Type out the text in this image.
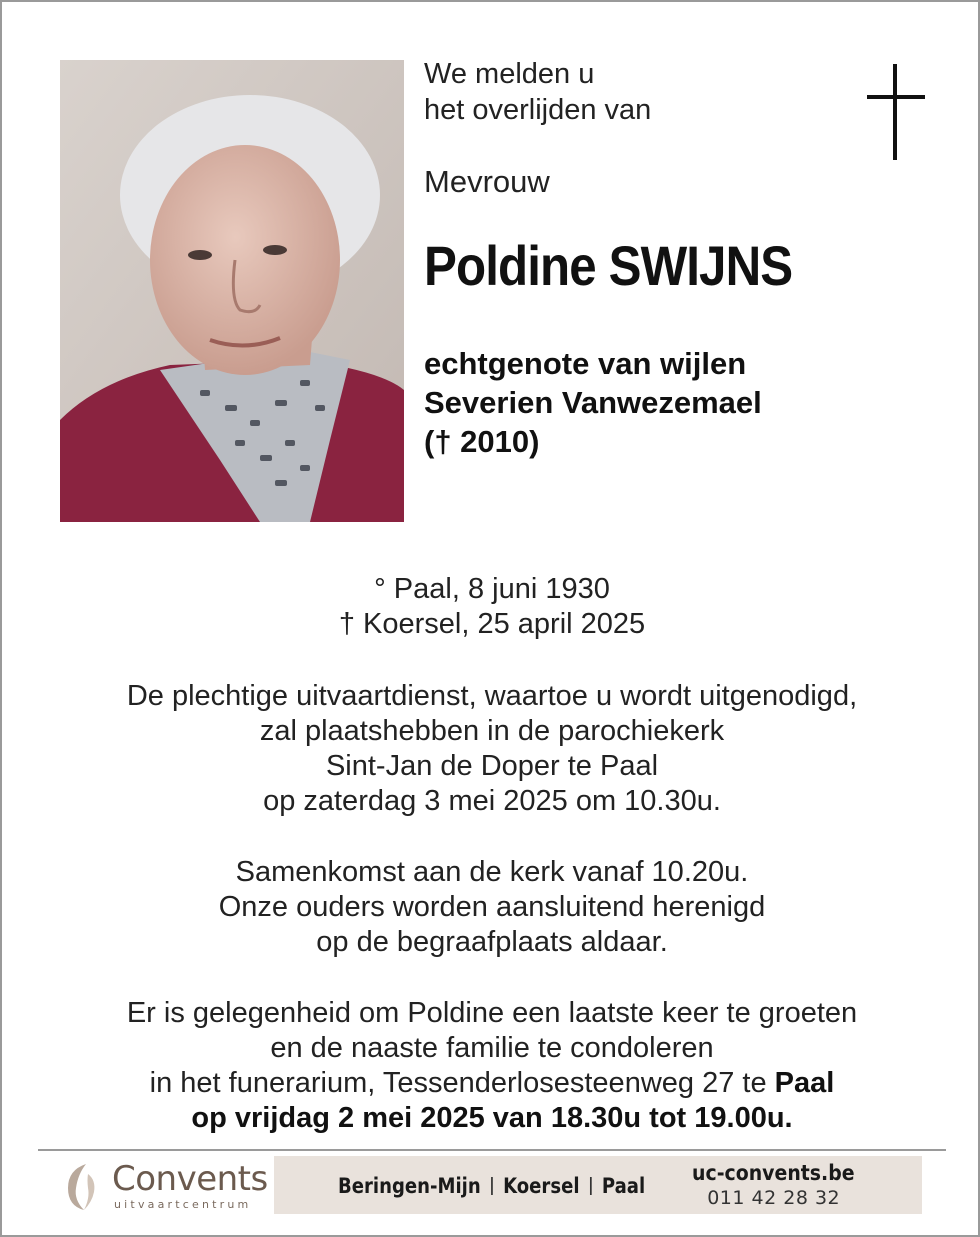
We melden u
het overlijden van
Mevrouw
Poldine SWIJNS
echtgenote van wijlen
Severien Vanwezemael
(† 2010)
° Paal, 8 juni 1930
† Koersel, 25 april 2025
De plechtige uitvaartdienst, waartoe u wordt uitgenodigd,
zal plaatshebben in de parochiekerk
Sint-Jan de Doper te Paal
op zaterdag 3 mei 2025 om 10.30u.
Samenkomst aan de kerk vanaf 10.20u.
Onze ouders worden aansluitend herenigd
op de begraafplaats aldaar.
Er is gelegenheid om Poldine een laatste keer te groeten
en de naaste familie te condoleren
in het funerarium, Tessenderlosesteenweg 27 te Paal
op vrijdag 2 mei 2025 van 18.30u tot 19.00u.
Convents
uitvaartcentrum
Beringen-Mijn Koersel Paal
uc-convents.be
011 42 28 32
